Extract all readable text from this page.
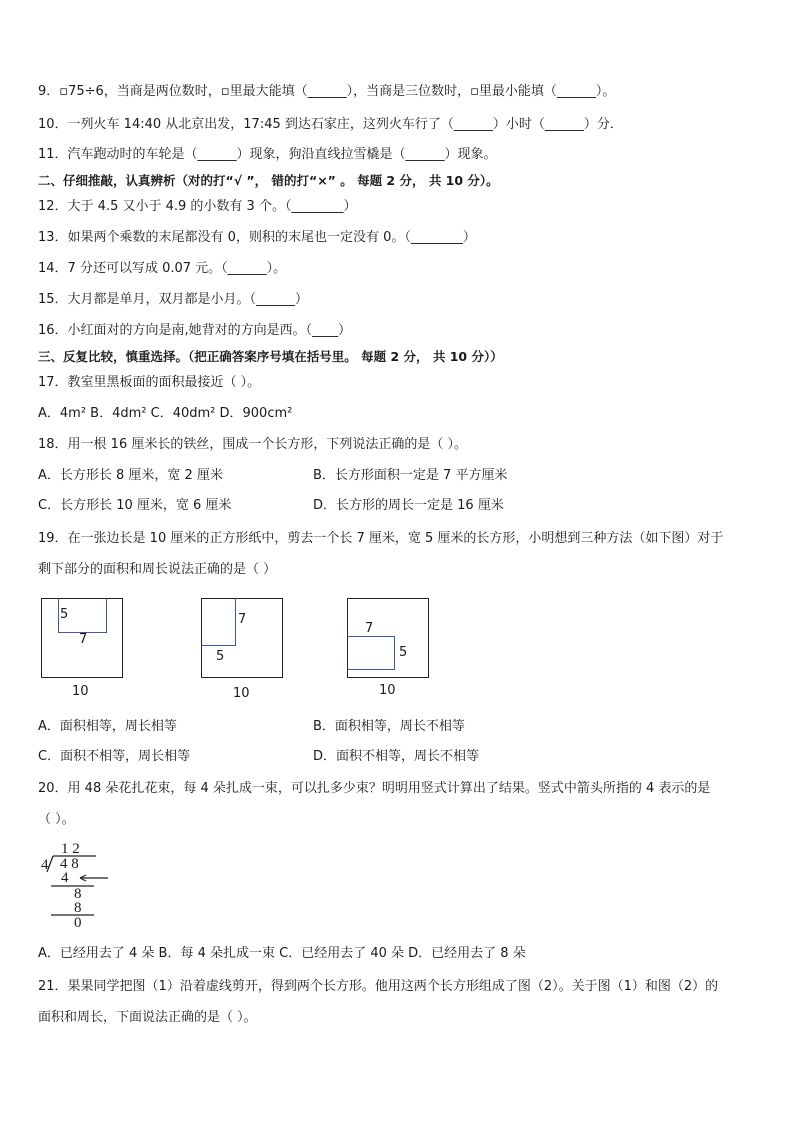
9．▫75÷6，当商是两位数时，▫里最大能填（______），当商是三位数时，▫里最小能填（______）。
10．一列火车 14:40 从北京出发，17:45 到达石家庄，这列火车行了（______）小时（______）分．
11．汽车跑动时的车轮是（______）现象，狗沿直线拉雪橇是（______）现象。
二、仔细推敲，认真辨析（对的打“√ ”， 错的打“×” 。 每题 2 分， 共 10 分）。
12．大于 4.5 又小于 4.9 的小数有 3 个。（________）
13．如果两个乘数的末尾都没有 0，则积的末尾也一定没有 0。（________）
14．7 分还可以写成 0.07 元。（______）。
15．大月都是单月，双月都是小月。（______）
16．小红面对的方向是南,她背对的方向是西。（____）
三、反复比较，慎重选择。（把正确答案序号填在括号里。 每题 2 分， 共 10 分））
17．教室里黑板面的面积最接近（ ）。
A．4m² B．4dm² C．40dm² D．900cm²
18．用一根 16 厘米长的铁丝，围成一个长方形，下列说法正确的是（ ）。
A．长方形长 8 厘米，宽 2 厘米	B．长方形面积一定是 7 平方厘米
C．长方形长 10 厘米，宽 6 厘米	D．长方形的周长一定是 16 厘米
19．在一张边长是 10 厘米的正方形纸中，剪去一个长 7 厘米，宽 5 厘米的长方形，小明想到三种方法（如下图）对于
剩下部分的面积和周长说法正确的是（ ）
5
7
10
7
5
10
7
5
10
A．面积相等，周长相等	B．面积相等，周长不相等
C．面积不相等，周长相等	D．面积不相等，周长不相等
20．用 48 朵花扎花束，每 4 朵扎成一束，可以扎多少束？明明用竖式计算出了结果。竖式中箭头所指的 4 表示的是
（ ）。
1 2
4 4 8
4
8
8
0
A．已经用去了 4 朵 B．每 4 朵扎成一束 C．已经用去了 40 朵 D．已经用去了 8 朵
21．果果同学把图（1）沿着虚线剪开，得到两个长方形。他用这两个长方形组成了图（2）。关于图（1）和图（2）的
面积和周长，下面说法正确的是（ ）。
